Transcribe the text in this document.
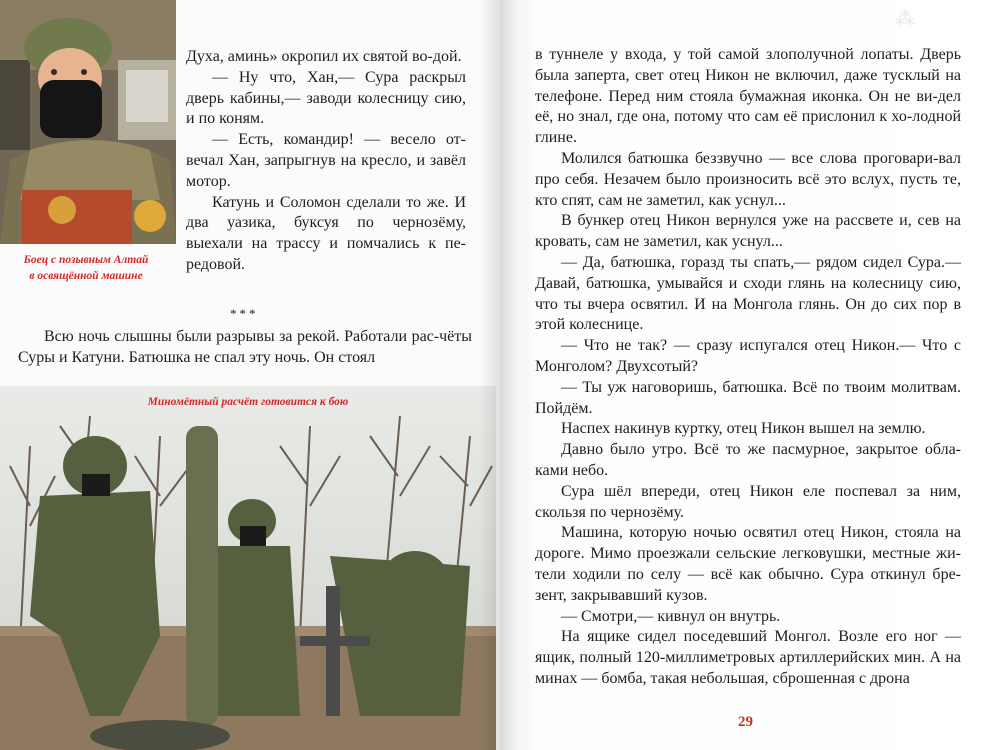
Боец с позывным Алтай
в освящённой машине

Духа, аминь» окропил их святой во-дой.

— Ну что, Хан,— Сура раскрыл дверь кабины,— заводи колесницу сию, и по коням.

— Есть, командир! — весело от-вечал Хан, запрыгнув на кресло, и завёл мотор.

Катунь и Соломон сделали то же. И два уазика, буксуя по чернозёму, выехали на трассу и помчались к пе-редовой.

***

Всю ночь слышны были разрывы за рекой. Работали рас-чёты Суры и Катуни. Батюшка не спал эту ночь. Он стоял

Миномётный расчёт готовится к бою
⁂

в туннеле у входа, у той самой злополучной лопаты. Дверь была заперта, свет отец Никон не включил, даже тусклый на телефоне. Перед ним стояла бумажная иконка. Он не ви-дел её, но знал, где она, потому что сам её прислонил к хо-лодной глине.

Молился батюшка беззвучно — все слова проговари-вал про себя. Незачем было произносить всё это вслух, пусть те, кто спят, сам не заметил, как уснул...

В бункер отец Никон вернулся уже на рассвете и, сев на кровать, сам не заметил, как уснул...

— Да, батюшка, горазд ты спать,— рядом сидел Сура.— Давай, батюшка, умывайся и сходи глянь на колесницу сию, что ты вчера освятил. И на Монгола глянь. Он до сих пор в этой колеснице.

— Что не так? — сразу испугался отец Никон.— Что с Монголом? Двухсотый?

— Ты уж наговоришь, батюшка. Всё по твоим молитвам. Пойдём.

Наспех накинув куртку, отец Никон вышел на землю.

Давно было утро. Всё то же пасмурное, закрытое обла-ками небо.

Сура шёл впереди, отец Никон еле поспевал за ним, скользя по чернозёму.

Машина, которую ночью освятил отец Никон, стояла на дороге. Мимо проезжали сельские легковушки, местные жи-тели ходили по селу — всё как обычно. Сура откинул бре-зент, закрывавший кузов.

— Смотри,— кивнул он внутрь.

На ящике сидел поседевший Монгол. Возле его ног — ящик, полный 120-миллиметровых артиллерийских мин. А на минах — бомба, такая небольшая, сброшенная с дрона

29
